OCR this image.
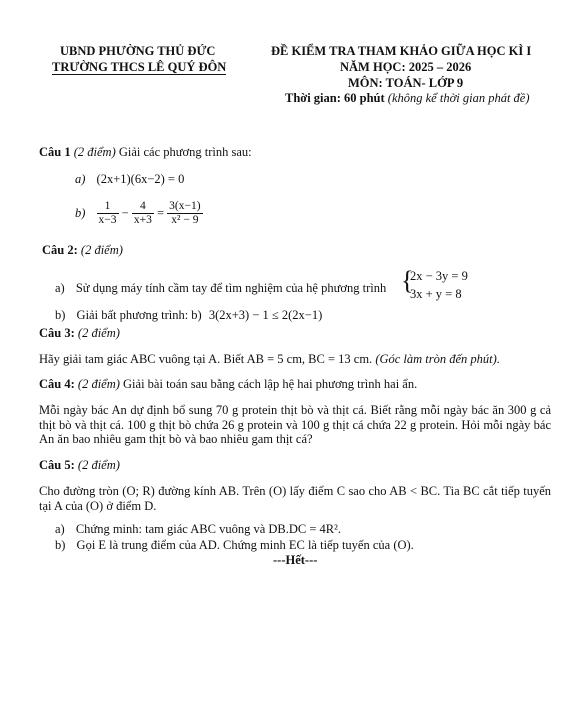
UBND PHƯỜNG THỦ ĐỨC
TRƯỜNG THCS LÊ QUÝ ĐÔN
ĐỀ KIỂM TRA THAM KHẢO GIỮA HỌC KÌ I
NĂM HỌC: 2025 – 2026
MÔN: TOÁN- LỚP 9
Thời gian: 60 phút (không kể thời gian phát đề)
Câu 1 (2 điểm) Giải các phương trình sau:
a) (2x+1)(6x−2) = 0
$b) \frac{1}{x-3} - \frac{4}{x+3} = \frac{3(x-1)}{\text{x² − 9}}$
Câu 2: (2 điểm)
a) Sử dụng máy tính cầm tay để tìm nghiệm của hệ phương trình {
2x − 3y = 9
3x + y = 8
b) Giải bất phương trình: b) 3(2x+3) − 1 ≤ 2(2x−1)
Câu 3: (2 điểm)
Hãy giải tam giác ABC vuông tại A. Biết AB = 5 cm, BC = 13 cm. (Góc làm tròn đến phút).
Câu 4: (2 điểm) Giải bài toán sau bằng cách lập hệ hai phương trình hai ẩn.
Mỗi ngày bác An dự định bổ sung 70 g protein thịt bò và thịt cá. Biết rằng mỗi ngày bác ăn 300 g cả thịt bò và thịt cá. 100 g thịt bò chứa 26 g protein và 100 g thịt cá chứa 22 g protein. Hỏi mỗi ngày bác An ăn bao nhiêu gam thịt bò và bao nhiêu gam thịt cá?
Câu 5: (2 điểm)
Cho đường tròn (O; R) đường kính AB. Trên (O) lấy điểm C sao cho AB < BC. Tia BC cắt tiếp tuyến tại A của (O) ở điểm D.
a) Chứng minh: tam giác ABC vuông và DB.DC = 4R².
b) Gọi E là trung điểm của AD. Chứng minh EC là tiếp tuyến của (O).
---Hết---
